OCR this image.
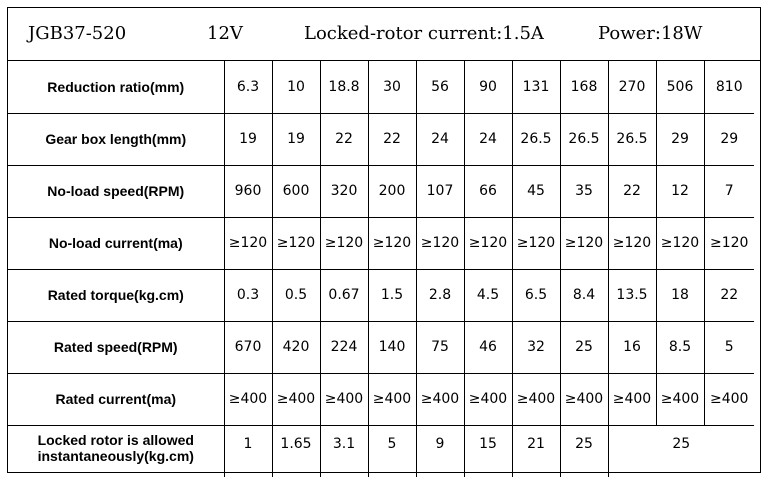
JGB37-520	12V	Locked-rotor current:1.5A	Power:18W
Reduction ratio(mm)	6.3	10	18.8	30	56	90	131	168	270	506	810
Gear box length(mm)	19	19	22	22	24	24	26.5	26.5	26.5	29	29
No-load speed(RPM)	960	600	320	200	107	66	45	35	22	12	7
No-load current(ma)	≥120	≥120	≥120	≥120	≥120	≥120	≥120	≥120	≥120	≥120	≥120
Rated torque(kg.cm)	0.3	0.5	0.67	1.5	2.8	4.5	6.5	8.4	13.5	18	22
Rated speed(RPM)	670	420	224	140	75	46	32	25	16	8.5	5
Rated current(ma)	≥400	≥400	≥400	≥400	≥400	≥400	≥400	≥400	≥400	≥400	≥400
Locked rotor is allowed instantaneously(kg.cm)	1	1.65	3.1	5	9	15	21	25	25		
